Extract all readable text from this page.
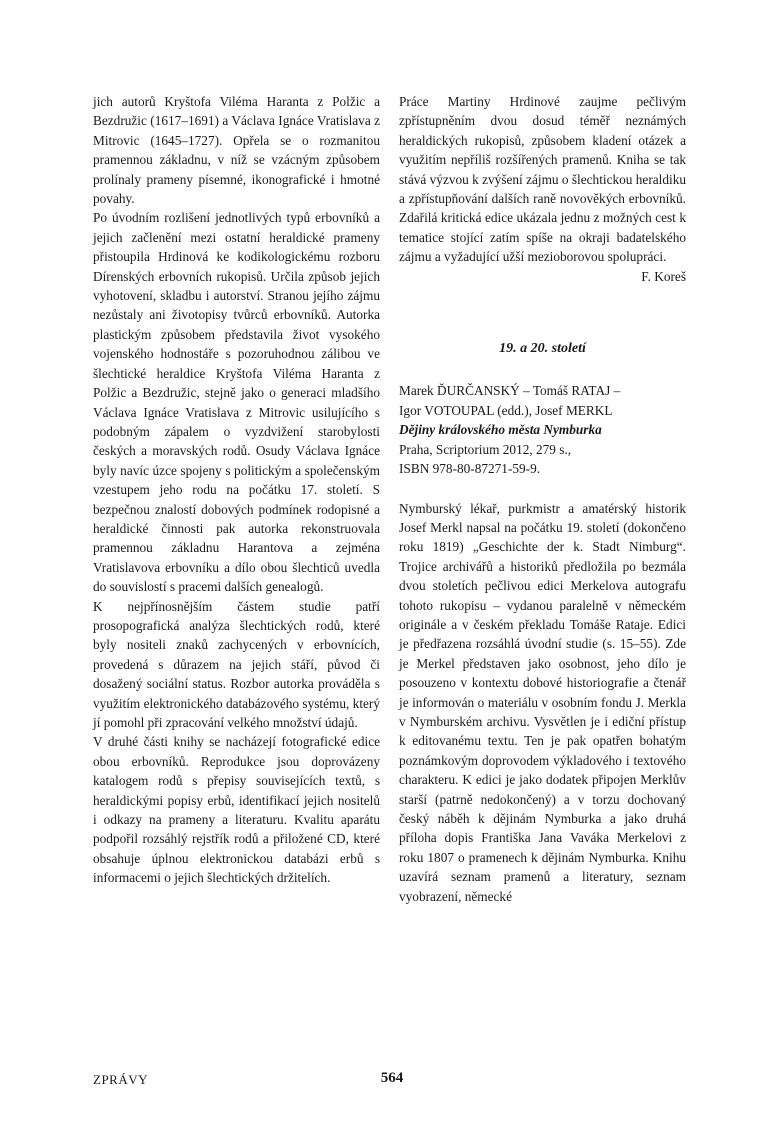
jich autorů Kryštofa Viléma Haranta z Polžic a Bezdružic (1617–1691) a Václava Ignáce Vratislava z Mitrovic (1645–1727). Opřela se o rozmanitou pramennou základnu, v níž se vzácným způsobem prolínaly prameny písemné, ikonografické i hmotné povahy.

Po úvodním rozlišení jednotlivých typů erbovníků a jejich začlenění mezi ostatní heraldické prameny přistoupila Hrdinová ke kodikologickému rozboru Dírenských erbovních rukopisů. Určila způsob jejich vyhotovení, skladbu i autorství. Stranou jejího zájmu nezůstaly ani životopisy tvůrců erbovníků. Autorka plastickým způsobem představila život vysokého vojenského hodnostáře s pozoruhodnou zálibou ve šlechtické heraldice Kryštofa Viléma Haranta z Polžic a Bezdružic, stejně jako o generaci mladšího Václava Ignáce Vratislava z Mitrovic usilujícího s podobným zápalem o vyzdvižení starobylosti českých a moravských rodů. Osudy Václava Ignáce byly navíc úzce spojeny s politickým a společenským vzestupem jeho rodu na počátku 17. století. S bezpečnou znalostí dobových podmínek rodopisné a heraldické činnosti pak autorka rekonstruovala pramennou základnu Harantova a zejména Vratislavova erbovníku a dílo obou šlechticů uvedla do souvislostí s pracemi dalších genealogů.

K nejpřínosnějším částem studie patří prosopografická analýza šlechtických rodů, které byly nositeli znaků zachycených v erbovnících, provedená s důrazem na jejich stáří, původ či dosažený sociální status. Rozbor autorka prováděla s využitím elektronického databázového systému, který jí pomohl při zpracování velkého množství údajů.

V druhé části knihy se nacházejí fotografické edice obou erbovníků. Reprodukce jsou doprovázeny katalogem rodů s přepisy souvisejících textů, s heraldickými popisy erbů, identifikací jejich nositelů i odkazy na prameny a literaturu. Kvalitu aparátu podpořil rozsáhlý rejstřík rodů a přiložené CD, které obsahuje úplnou elektronickou databázi erbů s informacemi o jejich šlechtických držitelích.

Práce Martiny Hrdinové zaujme pečlivým zpřístupněním dvou dosud téměř neznámých heraldických rukopisů, způsobem kladení otázek a využitím nepříliš rozšířených pramenů. Kniha se tak stává výzvou k zvýšení zájmu o šlechtickou heraldiku a zpřístupňování dalších raně novověkých erbovníků. Zdařilá kritická edice ukázala jednu z možných cest k tematice stojící zatím spíše na okraji badatelského zájmu a vyžadující užší mezioborovou spolupráci.

F. Koreš

19. a 20. století
Marek ĎURČANSKÝ – Tomáš RATAJ –
Igor VOTOUPAL (edd.), Josef MERKL
Dějiny královského města Nymburka
Praha, Scriptorium 2012, 279 s.,
ISBN 978-80-87271-59-9.

Nymburský lékař, purkmistr a amatérský historik Josef Merkl napsal na počátku 19. století (dokončeno roku 1819) „Geschichte der k. Stadt Nimburg“. Trojice archivářů a historiků předložila po bezmála dvou stoletích pečlivou edici Merkelova autografu tohoto rukopisu – vydanou paralelně v německém originále a v českém překladu Tomáše Rataje. Edici je předřazena rozsáhlá úvodní studie (s. 15–55). Zde je Merkel představen jako osobnost, jeho dílo je posouzeno v kontextu dobové historiografie a čtenář je informován o materiálu v osobním fondu J. Merkla v Nymburském archivu. Vysvětlen je i ediční přístup k editovanému textu. Ten je pak opatřen bohatým poznámkovým doprovodem výkladového i textového charakteru. K edici je jako dodatek připojen Merklův starší (patrně nedokončený) a v torzu dochovaný český náběh k dějinám Nymburka a jako druhá příloha dopis Františka Jana Vaváka Merkelovi z roku 1807 o pramenech k dějinám Nymburka. Knihu uzavírá seznam pramenů a literatury, seznam vyobrazení, německé

ZPRÁVY	564
